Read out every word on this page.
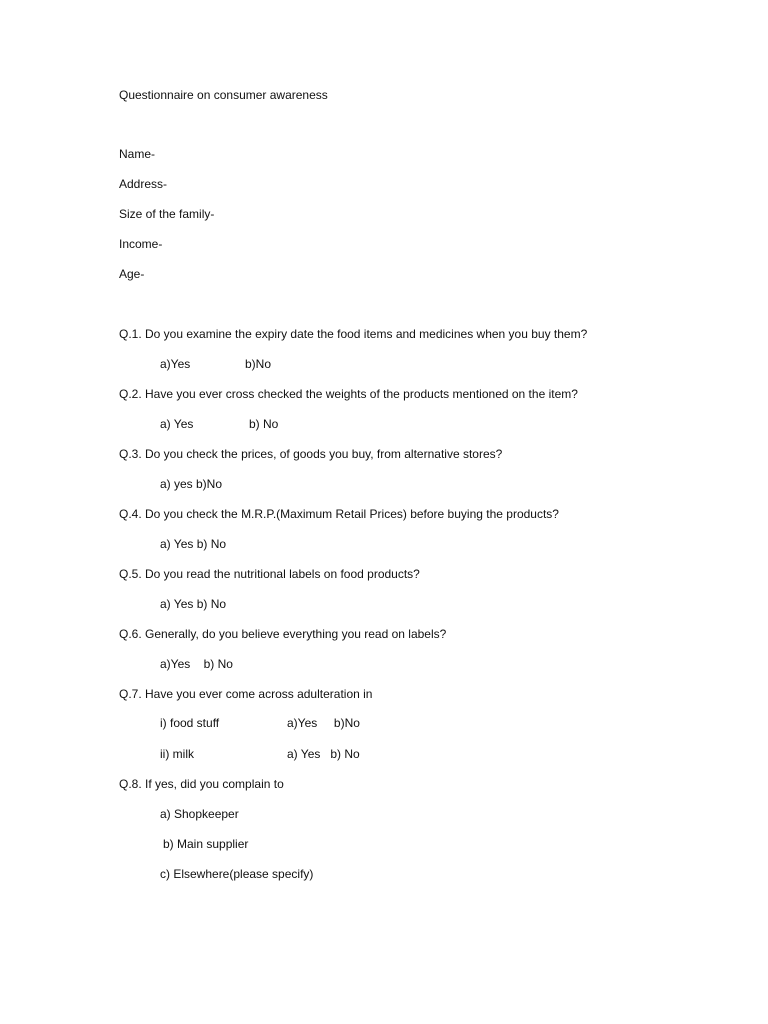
Questionnaire on consumer awareness
Name-
Address-
Size of the family-
Income-
Age-
Q.1. Do you examine the expiry date the food items and medicines when you buy them?
a)Yes	b)No
Q.2. Have you ever cross checked the weights of the products mentioned on the item?
a) Yes	b) No
Q.3. Do you check the prices, of goods you buy, from alternative stores?
a) yes b)No
Q.4. Do you check the M.R.P.(Maximum Retail Prices) before buying the products?
a) Yes b) No
Q.5. Do you read the nutritional labels on food products?
a) Yes b) No
Q.6. Generally, do you believe everything you read on labels?
a)Yes    b) No
Q.7. Have you ever come across adulteration in
i) food stuff	a)Yes     b)No
ii) milk	a) Yes   b) No
Q.8. If yes, did you complain to
a) Shopkeeper
b) Main supplier
c) Elsewhere(please specify)
